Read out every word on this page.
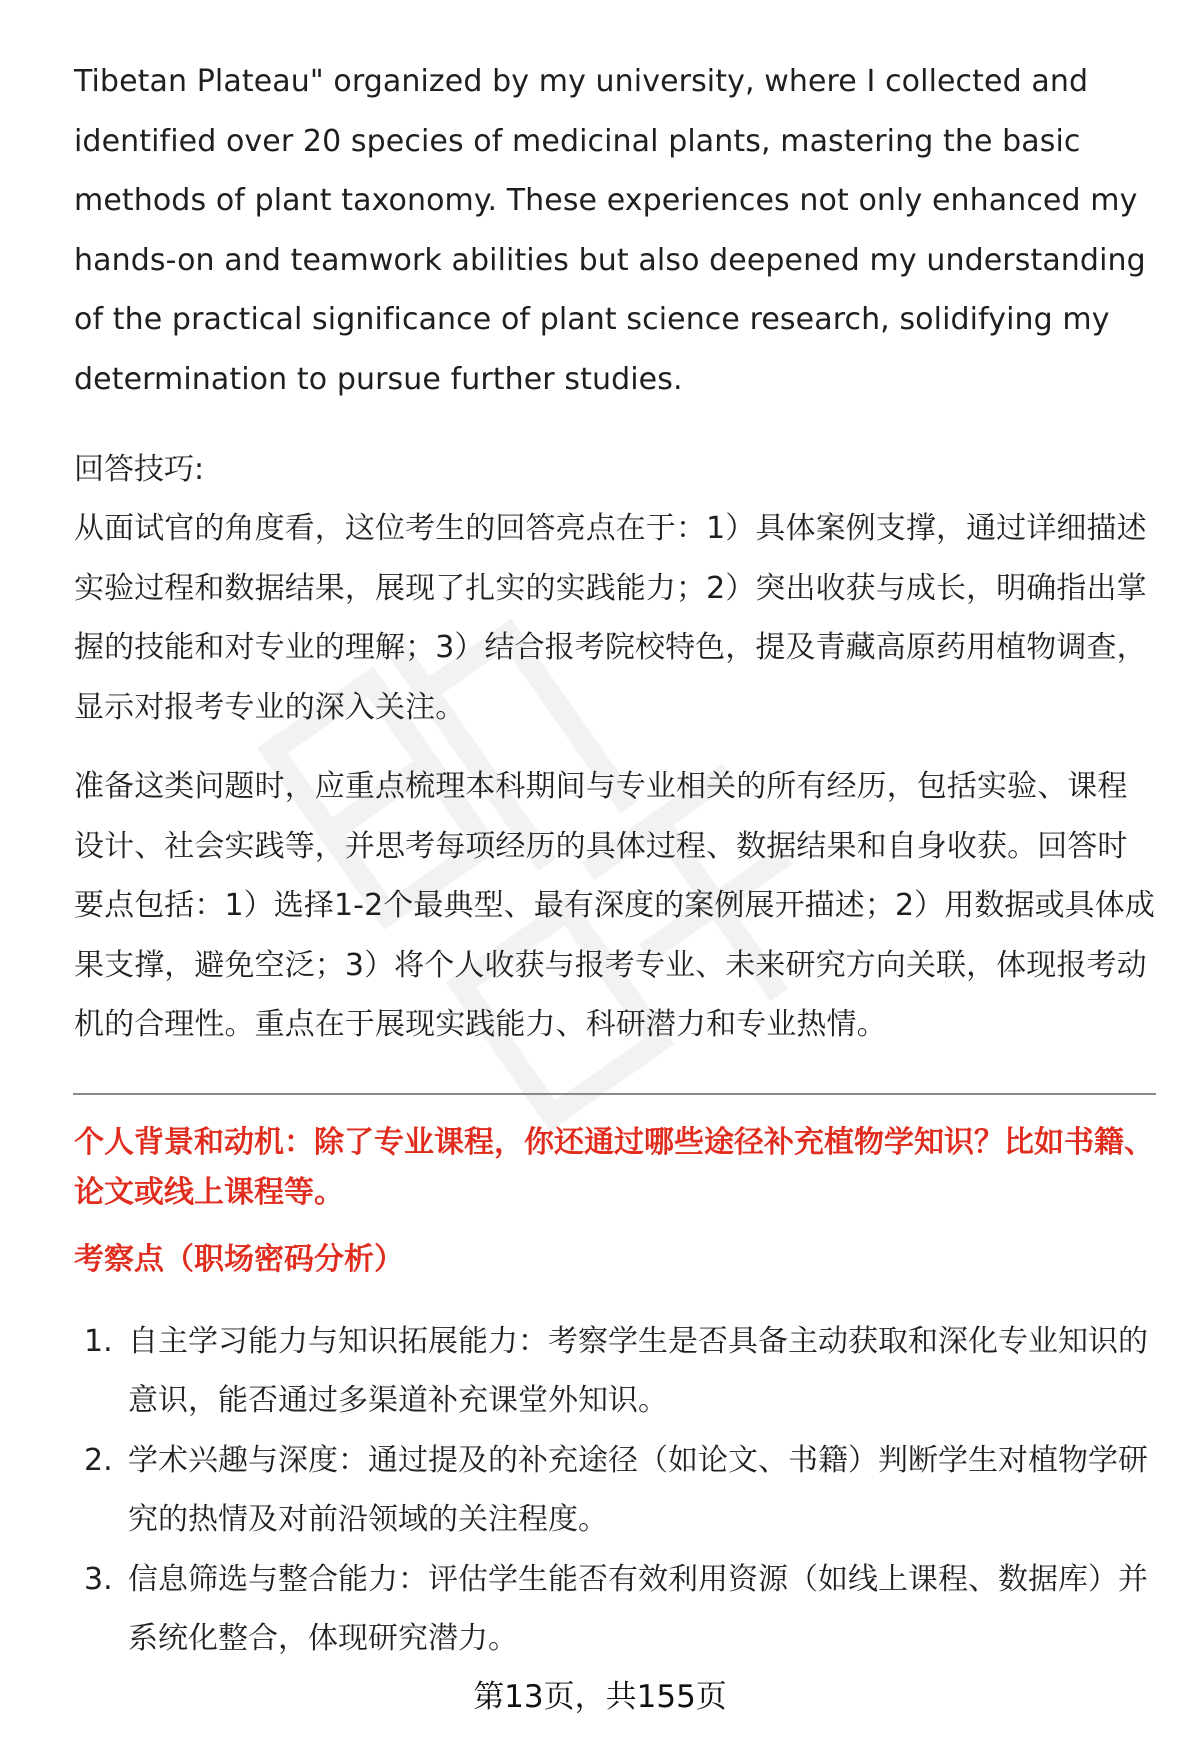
Tibetan Plateau" organized by my university, where I collected and identified over 20 species of medicinal plants, mastering the basic methods of plant taxonomy. These experiences not only enhanced my hands-on and teamwork abilities but also deepened my understanding of the practical significance of plant science research, solidifying my determination to pursue further studies.

回答技巧:

从面试官的角度看，这位考生的回答亮点在于：1）具体案例支撑，通过详细描述实验过程和数据结果，展现了扎实的实践能力；2）突出收获与成长，明确指出掌握的技能和对专业的理解；3）结合报考院校特色，提及青藏高原药用植物调查，显示对报考专业的深入关注。

准备这类问题时，应重点梳理本科期间与专业相关的所有经历，包括实验、课程设计、社会实践等，并思考每项经历的具体过程、数据结果和自身收获。回答时要点包括：1）选择1-2个最典型、最有深度的案例展开描述；2）用数据或具体成果支撑，避免空泛；3）将个人收获与报考专业、未来研究方向关联，体现报考动机的合理性。重点在于展现实践能力、科研潜力和专业热情。

个人背景和动机：除了专业课程，你还通过哪些途径补充植物学知识？比如书籍、论文或线上课程等。

考察点（职场密码分析）

1. 自主学习能力与知识拓展能力：考察学生是否具备主动获取和深化专业知识的意识，能否通过多渠道补充课堂外知识。
2. 学术兴趣与深度：通过提及的补充途径（如论文、书籍）判断学生对植物学研究的热情及对前沿领域的关注程度。
3. 信息筛选与整合能力：评估学生能否有效利用资源（如线上课程、数据库）并系统化整合，体现研究潜力。
第13页，共155页
